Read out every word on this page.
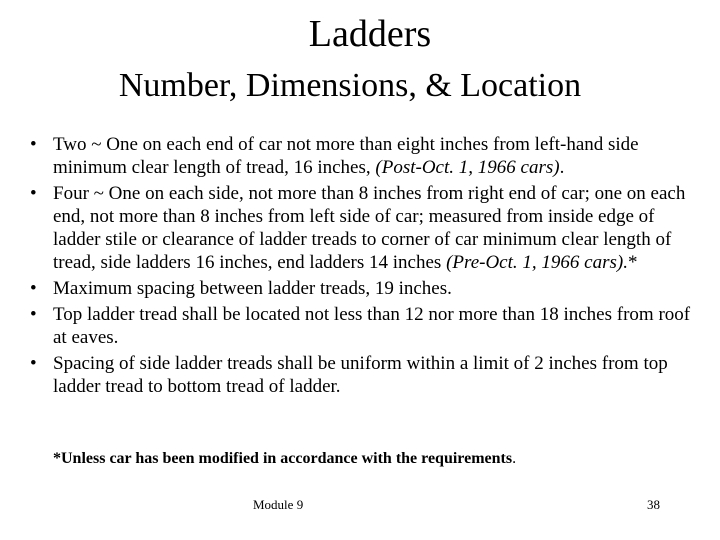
Ladders
Number, Dimensions, & Location
• Two ~ One on each end of car not more than eight inches from left-hand side minimum clear length of tread, 16 inches, (Post-Oct. 1, 1966 cars).
• Four ~ One on each side, not more than 8 inches from right end of car; one on each end, not more than 8 inches from left side of car; measured from inside edge of ladder stile or clearance of ladder treads to corner of car minimum clear length of tread, side ladders 16 inches, end ladders 14 inches (Pre-Oct. 1, 1966 cars).*
• Maximum spacing between ladder treads, 19 inches.
• Top ladder tread shall be located not less than 12 nor more than 18 inches from roof at eaves.
• Spacing of side ladder treads shall be uniform within a limit of 2 inches from top ladder tread to bottom tread of ladder.
*Unless car has been modified in accordance with the requirements.
Module 9	38
